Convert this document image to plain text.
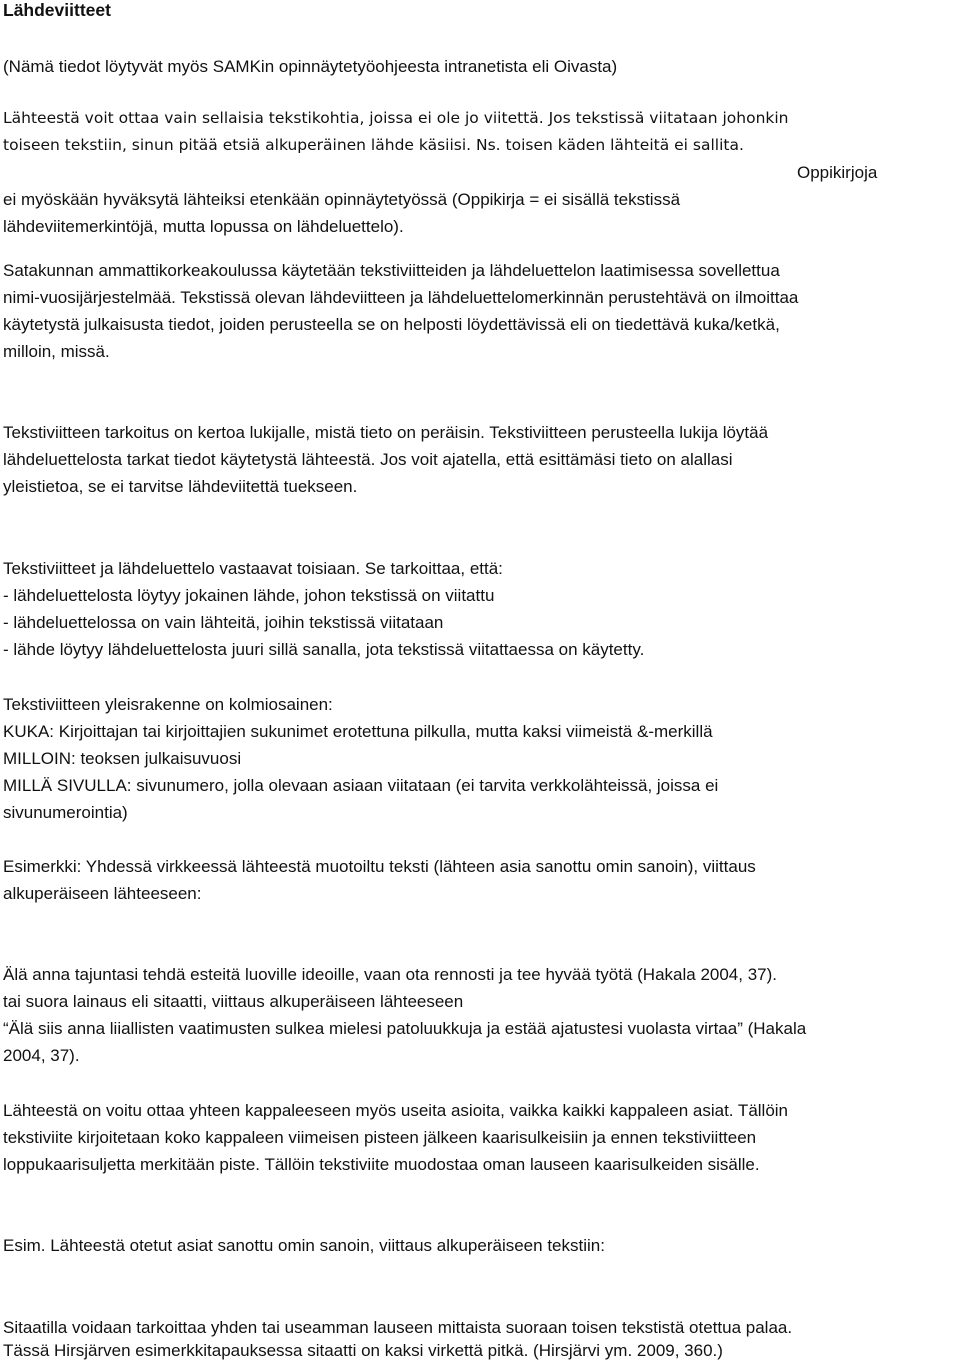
Lähdeviitteet

(Nämä tiedot löytyvät myös SAMKin opinnäytetyöohjeesta intranetista eli Oivasta)

Lähteestä voit ottaa vain sellaisia tekstikohtia, joissa ei ole jo viitettä. Jos tekstissä viitataan johonkin

toiseen tekstiin, sinun pitää etsiä alkuperäinen lähde käsiisi. Ns. toisen käden lähteitä ei sallita.

Oppikirjoja

ei myöskään hyväksytä lähteiksi etenkään opinnäytetyössä (Oppikirja = ei sisällä tekstissä

lähdeviitemerkintöjä, mutta lopussa on lähdeluettelo).

Satakunnan ammattikorkeakoulussa käytetään tekstiviitteiden ja lähdeluettelon laatimisessa sovellettua

nimi-vuosijärjestelmää. Tekstissä olevan lähdeviitteen ja lähdeluettelomerkinnän perustehtävä on ilmoittaa

käytetystä julkaisusta tiedot, joiden perusteella se on helposti löydettävissä eli on tiedettävä kuka/ketkä,

milloin, missä.

Tekstiviitteen tarkoitus on kertoa lukijalle, mistä tieto on peräisin. Tekstiviitteen perusteella lukija löytää

lähdeluettelosta tarkat tiedot käytetystä lähteestä. Jos voit ajatella, että esittämäsi tieto on alallasi

yleistietoa, se ei tarvitse lähdeviitettä tuekseen.

Tekstiviitteet ja lähdeluettelo vastaavat toisiaan. Se tarkoittaa, että:

- lähdeluettelosta löytyy jokainen lähde, johon tekstissä on viitattu

- lähdeluettelossa on vain lähteitä, joihin tekstissä viitataan

- lähde löytyy lähdeluettelosta juuri sillä sanalla, jota tekstissä viitattaessa on käytetty.

Tekstiviitteen yleisrakenne on kolmiosainen:

KUKA: Kirjoittajan tai kirjoittajien sukunimet erotettuna pilkulla, mutta kaksi viimeistä &-merkillä

MILLOIN: teoksen julkaisuvuosi

MILLÄ SIVULLA: sivunumero, jolla olevaan asiaan viitataan (ei tarvita verkkolähteissä, joissa ei

sivunumerointia)

Esimerkki: Yhdessä virkkeessä lähteestä muotoiltu teksti (lähteen asia sanottu omin sanoin), viittaus

alkuperäiseen lähteeseen:

Älä anna tajuntasi tehdä esteitä luoville ideoille, vaan ota rennosti ja tee hyvää työtä (Hakala 2004, 37).

tai suora lainaus eli sitaatti, viittaus alkuperäiseen lähteeseen

“Älä siis anna liiallisten vaatimusten sulkea mielesi patoluukkuja ja estää ajatustesi vuolasta virtaa” (Hakala

2004, 37).

Lähteestä on voitu ottaa yhteen kappaleeseen myös useita asioita, vaikka kaikki kappaleen asiat. Tällöin

tekstiviite kirjoitetaan koko kappaleen viimeisen pisteen jälkeen kaarisulkeisiin ja ennen tekstiviitteen

loppukaarisuljetta merkitään piste. Tällöin tekstiviite muodostaa oman lauseen kaarisulkeiden sisälle.

Esim. Lähteestä otetut asiat sanottu omin sanoin, viittaus alkuperäiseen tekstiin:

Sitaatilla voidaan tarkoittaa yhden tai useamman lauseen mittaista suoraan toisen tekstistä otettua palaa.

Tässä Hirsjärven esimerkkitapauksessa sitaatti on kaksi virkettä pitkä. (Hirsjärvi ym. 2009, 360.)
